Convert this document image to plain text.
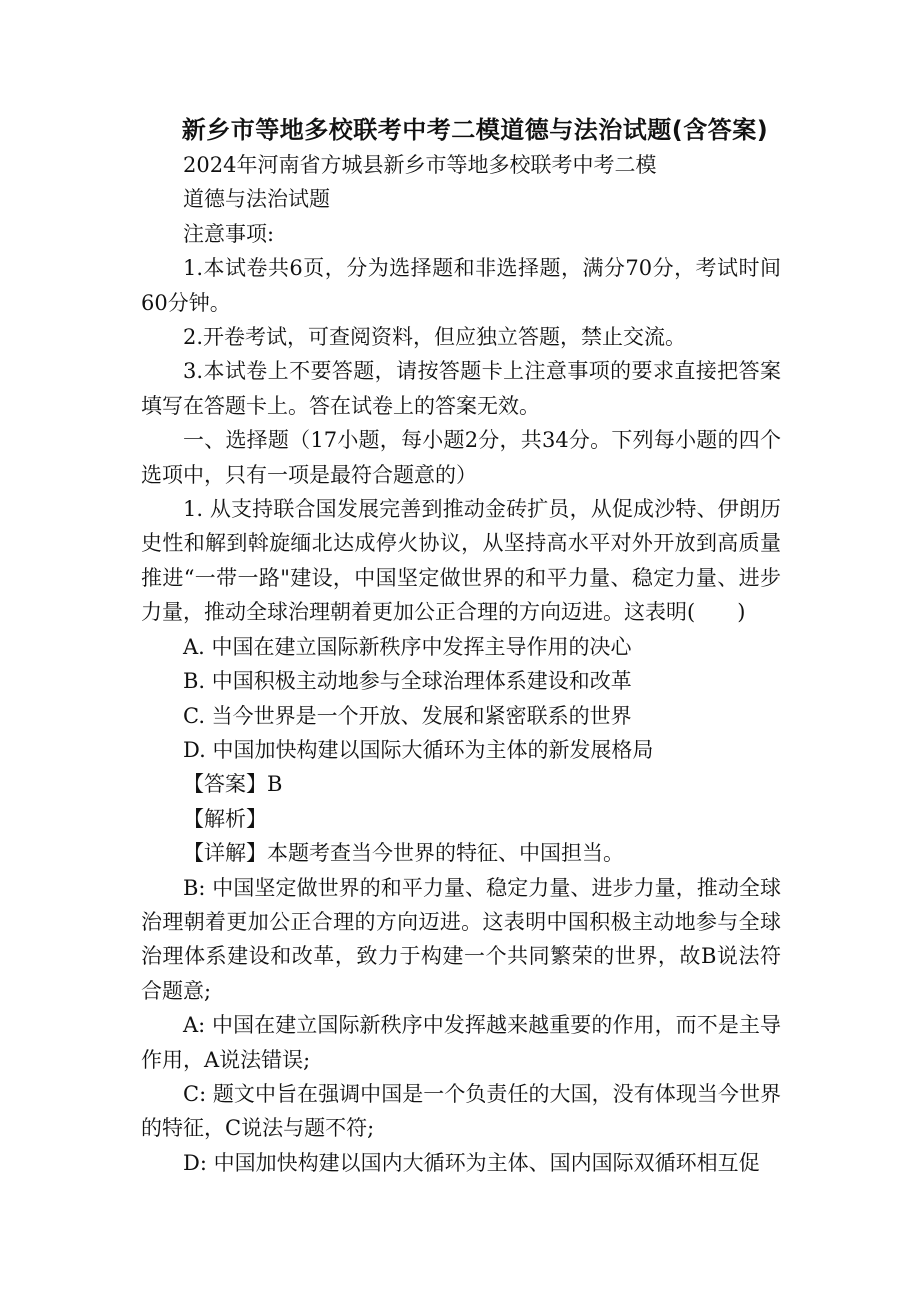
新乡市等地多校联考中考二模道德与法治试题(含答案)

2024年河南省方城县新乡市等地多校联考中考二模

道德与法治试题

注意事项:

1.本试卷共6页，分为选择题和非选择题，满分70分，考试时间60分钟。

2.开卷考试，可查阅资料，但应独立答题，禁止交流。

3.本试卷上不要答题，请按答题卡上注意事项的要求直接把答案填写在答题卡上。答在试卷上的答案无效。

一、选择题（17小题，每小题2分，共34分。下列每小题的四个选项中，只有一项是最符合题意的）

1. 从支持联合国发展完善到推动金砖扩员，从促成沙特、伊朗历史性和解到斡旋缅北达成停火协议，从坚持高水平对外开放到高质量推进“一带一路"建设，中国坚定做世界的和平力量、稳定力量、进步力量，推动全球治理朝着更加公正合理的方向迈进。这表明(　　)

A. 中国在建立国际新秩序中发挥主导作用的决心

B. 中国积极主动地参与全球治理体系建设和改革

C. 当今世界是一个开放、发展和紧密联系的世界

D. 中国加快构建以国际大循环为主体的新发展格局

【答案】B

【解析】

【详解】本题考查当今世界的特征、中国担当。

B: 中国坚定做世界的和平力量、稳定力量、进步力量，推动全球治理朝着更加公正合理的方向迈进。这表明中国积极主动地参与全球治理体系建设和改革，致力于构建一个共同繁荣的世界，故B说法符合题意;

A: 中国在建立国际新秩序中发挥越来越重要的作用，而不是主导作用，A说法错误;

C: 题文中旨在强调中国是一个负责任的大国，没有体现当今世界的特征，C说法与题不符;

D: 中国加快构建以国内大循环为主体、国内国际双循环相互促
